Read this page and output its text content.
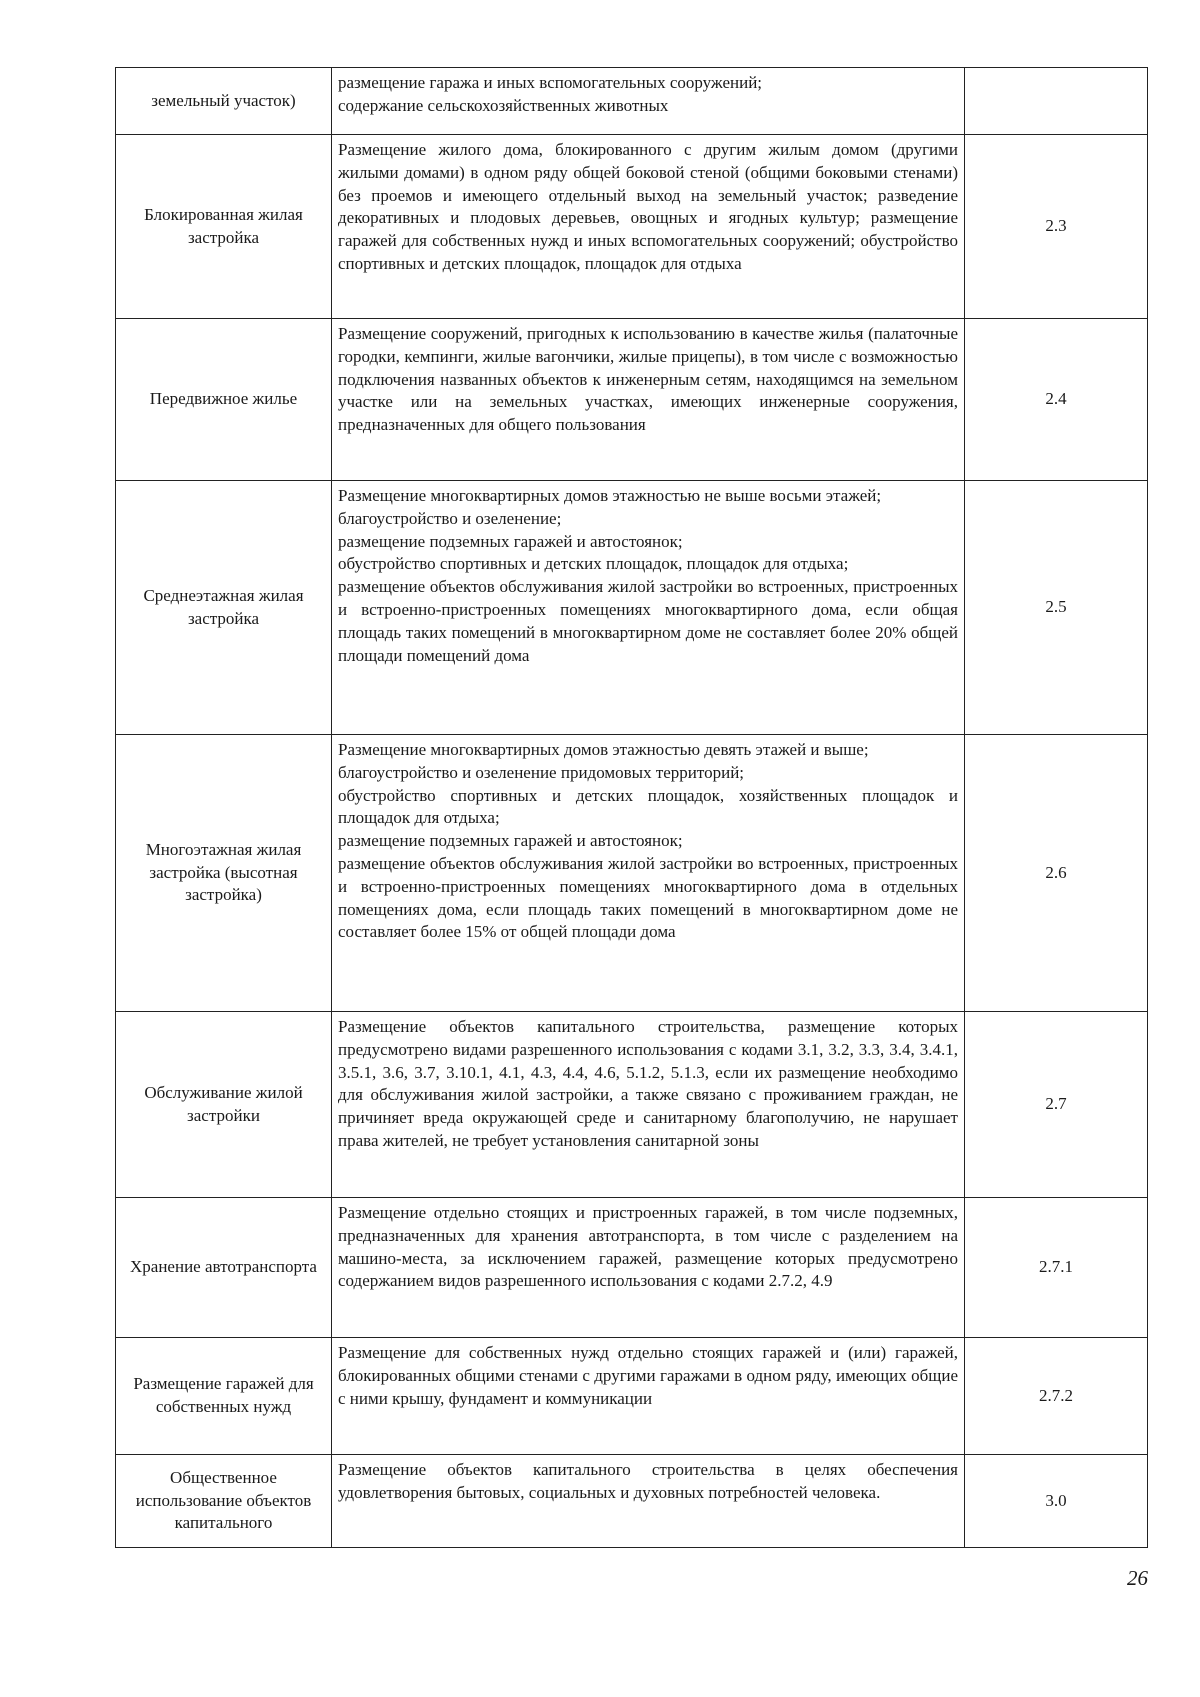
земельный участок)	размещение гаража и иных вспомогательных сооружений;
содержание сельскохозяйственных животных	

Блокированная жилая застройка	Размещение жилого дома, блокированного с другим жилым домом (другими жилыми домами) в одном ряду общей боковой стеной (общими боковыми стенами) без проемов и имеющего отдельный выход на земельный участок; разведение декоративных и плодовых деревьев, овощных и ягодных культур; размещение гаражей для собственных нужд и иных вспомогательных сооружений; обустройство спортивных и детских площадок, площадок для отдыха	2.3
Передвижное жилье	Размещение сооружений, пригодных к использованию в качестве жилья (палаточные городки, кемпинги, жилые вагончики, жилые прицепы), в том числе с возможностью подключения названных объектов к инженерным сетям, находящимся на земельном участке или на земельных участках, имеющих инженерные сооружения, предназначенных для общего пользования	2.4
Среднеэтажная жилая застройка	Размещение многоквартирных домов этажностью не выше восьми этажей;
благоустройство и озеленение;
размещение подземных гаражей и автостоянок;
обустройство спортивных и детских площадок, площадок для отдыха;
размещение объектов обслуживания жилой застройки во встроенных, пристроенных и встроенно-пристроенных помещениях многоквартирного дома, если общая площадь таких помещений в многоквартирном доме не составляет более 20% общей площади помещений дома	2.5
Многоэтажная жилая застройка (высотная застройка)	Размещение многоквартирных домов этажностью девять этажей и выше;
благоустройство и озеленение придомовых территорий;
обустройство спортивных и детских площадок, хозяйственных площадок и площадок для отдыха;
размещение подземных гаражей и автостоянок;
размещение объектов обслуживания жилой застройки во встроенных, пристроенных и встроенно-пристроенных помещениях многоквартирного дома в отдельных помещениях дома, если площадь таких помещений в многоквартирном доме не составляет более 15% от общей площади дома	2.6
Обслуживание жилой застройки	Размещение объектов капитального строительства, размещение которых предусмотрено видами разрешенного использования с кодами 3.1, 3.2, 3.3, 3.4, 3.4.1, 3.5.1, 3.6, 3.7, 3.10.1, 4.1, 4.3, 4.4, 4.6, 5.1.2, 5.1.3, если их размещение необходимо для обслуживания жилой застройки, а также связано с проживанием граждан, не причиняет вреда окружающей среде и санитарному благополучию, не нарушает права жителей, не требует установления санитарной зоны	2.7
Хранение автотранспорта	Размещение отдельно стоящих и пристроенных гаражей, в том числе подземных, предназначенных для хранения автотранспорта, в том числе с разделением на машино-места, за исключением гаражей, размещение которых предусмотрено содержанием видов разрешенного использования с кодами 2.7.2, 4.9	2.7.1
Размещение гаражей для собственных нужд	Размещение для собственных нужд отдельно стоящих гаражей и (или) гаражей, блокированных общими стенами с другими гаражами в одном ряду, имеющих общие с ними крышу, фундамент и коммуникации	2.7.2
Общественное использование объектов капитального	Размещение объектов капитального строительства в целях обеспечения удовлетворения бытовых, социальных и духовных потребностей человека.	3.0
26
